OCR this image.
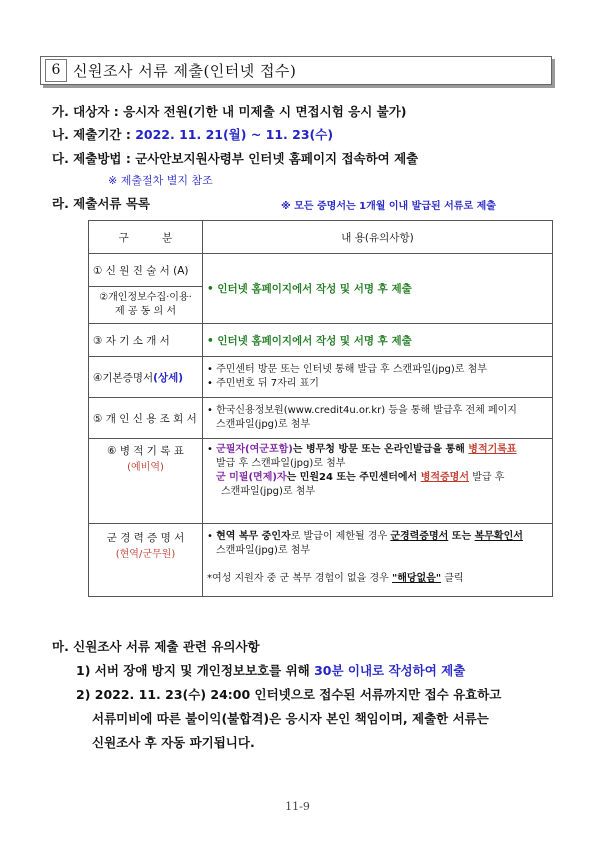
6 신원조사 서류 제출(인터넷 접수)
가. 대상자 : 응시자 전원(기한 내 미제출 시 면접시험 응시 불가)
나. 제출기간 : 2022. 11. 21(월) ~ 11. 23(수)
다. 제출방법 : 군사안보지원사령부 인터넷 홈페이지 접속하여 제출
※ 제출절차 별지 참조
라. 제출서류 목록	※ 모든 증명서는 1개월 이내 발급된 서류로 제출
구          분	내 용(유의사항)
① 신 원 진 술 서 (A)	• 인터넷 홈페이지에서 작성 및 서명 후 제출
②개인정보수집·이용·
제 공 동 의 서	
③ 자 기 소 개 서	• 인터넷 홈페이지에서 작성 및 서명 후 제출
④기본증명서(상세)	• 주민센터 방문 또는 인터넷 통해 발급 후 스캔파일(jpg)로 첨부
• 주민번호 뒤 7자리 표기

⑤ 개 인 신 용 조 회 서	• 한국신용정보원(www.credit4u.or.kr) 등을 통해 발급후 전체 페이지
스캔파일(jpg)로 첨부

⑥ 병 적 기 록 표
(예비역)	• 군필자(여군포함)는 병무청 방문 또는 온라인발급을 통해 병적기록표
발급 후 스캔파일(jpg)로 첨부
군 미필(면제)자는 민원24 또는 주민센터에서 병적증명서 발급 후
스캔파일(jpg)로 첨부

군 경 력 증 명 서
(현역/군무원)	• 현역 복무 중인자로 발급이 제한될 경우 군경력증명서 또는 복무확인서
스캔파일(jpg)로 첨부
*여성 지원자 중 군 복무 경험이 없을 경우 "해당없음" 클릭
마. 신원조사 서류 제출 관련 유의사항
1) 서버 장애 방지 및 개인정보보호를 위해 30분 이내로 작성하여 제출
2) 2022. 11. 23(수) 24:00 인터넷으로 접수된 서류까지만 접수 유효하고
서류미비에 따른 불이익(불합격)은 응시자 본인 책임이며, 제출한 서류는
신원조사 후 자동 파기됩니다.
11-9
